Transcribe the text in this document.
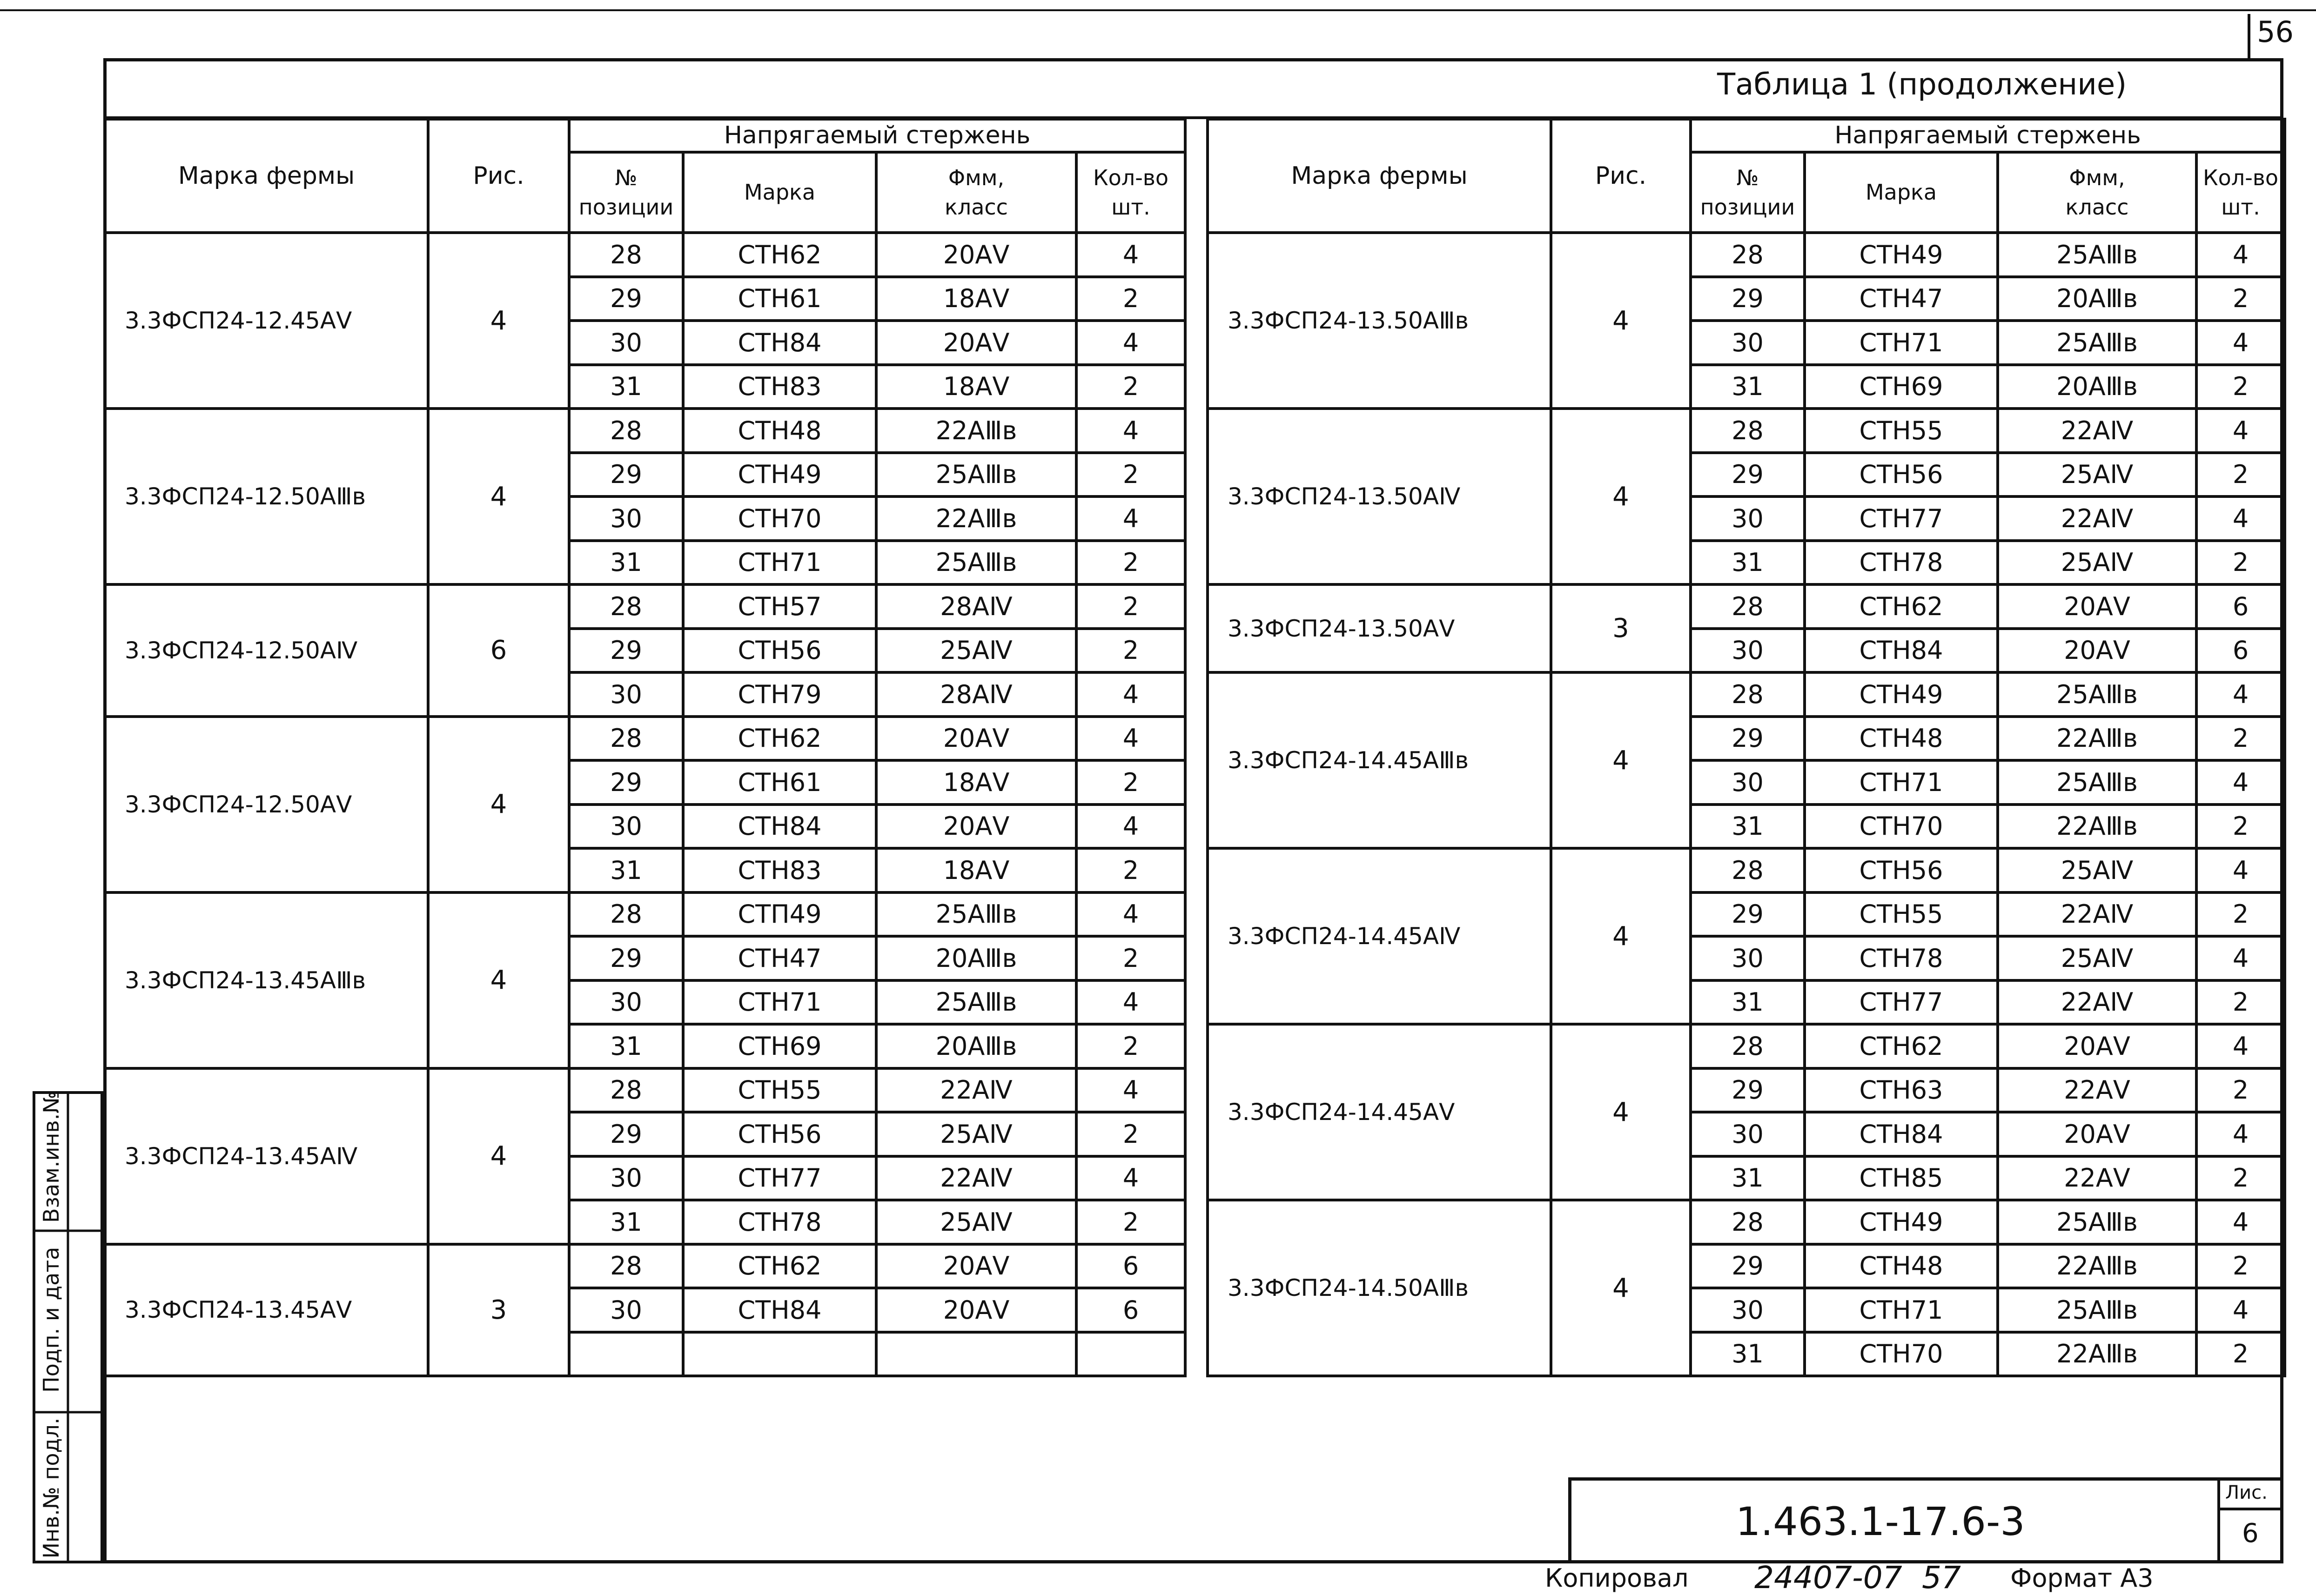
56
Таблица 1 (продолжение)
Марка фермы	Рис.	Напрягаемый стержень			
		№ позиции	Марка	Φмм, класс	Кол-во шт.
3.3ФСП24-12.45АⅤ	4	28	СТН62	20АⅤ	4
		29	СТН61	18АⅤ	2
		30	СТН84	20АⅤ	4
		31	СТН83	18АⅤ	2
3.3ФСП24-12.50АⅢв	4	28	СТН48	22АⅢв	4
		29	СТН49	25АⅢв	2
		30	СТН70	22АⅢв	4
		31	СТН71	25АⅢв	2
3.3ФСП24-12.50АⅣ	6	28	СТН57	28АⅣ	2
		29	СТН56	25АⅣ	2
		30	СТН79	28АⅣ	4
3.3ФСП24-12.50АⅤ	4	28	СТН62	20АⅤ	4
		29	СТН61	18АⅤ	2
		30	СТН84	20АⅤ	4
		31	СТН83	18АⅤ	2
3.3ФСП24-13.45АⅢв	4	28	СТП49	25АⅢв	4
		29	СТН47	20АⅢв	2
		30	СТН71	25АⅢв	4
		31	СТН69	20АⅢв	2
3.3ФСП24-13.45АⅣ	4	28	СТН55	22АⅣ	4
		29	СТН56	25АⅣ	2
		30	СТН77	22АⅣ	4
		31	СТН78	25АⅣ	2
3.3ФСП24-13.45АⅤ	3	28	СТН62	20АⅤ	6
		30	СТН84	20АⅤ	6

Марка фермы	Рис.	Напрягаемый стержень			
		№ позиции	Марка	Φмм, класс	Кол-во шт.
3.3ФСП24-13.50АⅢв	4	28	СТН49	25АⅢв	4
		29	СТН47	20АⅢв	2
		30	СТН71	25АⅢв	4
		31	СТН69	20АⅢв	2
3.3ФСП24-13.50АⅣ	4	28	СТН55	22АⅣ	4
		29	СТН56	25АⅣ	2
		30	СТН77	22АⅣ	4
		31	СТН78	25АⅣ	2
3.3ФСП24-13.50АⅤ	3	28	СТН62	20АⅤ	6
		30	СТН84	20АⅤ	6
3.3ФСП24-14.45АⅢв	4	28	СТН49	25АⅢв	4
		29	СТН48	22АⅢв	2
		30	СТН71	25АⅢв	4
		31	СТН70	22АⅢв	2
3.3ФСП24-14.45АⅣ	4	28	СТН56	25АⅣ	4
		29	СТН55	22АⅣ	2
		30	СТН78	25АⅣ	4
		31	СТН77	22АⅣ	2
3.3ФСП24-14.45АⅤ	4	28	СТН62	20АⅤ	4
		29	СТН63	22АⅤ	2
		30	СТН84	20АⅤ	4
		31	СТН85	22АⅤ	2
3.3ФСП24-14.50АⅢв	4	28	СТН49	25АⅢв	4
		29	СТН48	22АⅢв	2
		30	СТН71	25АⅢв	4
		31	СТН70	22АⅢв	2
1.463.1-17.6-3
Лис.
6
Копировал 24407-07 57 Формат А3
Взам.инв.№
Подп. и дата
Инв.№ подл.
